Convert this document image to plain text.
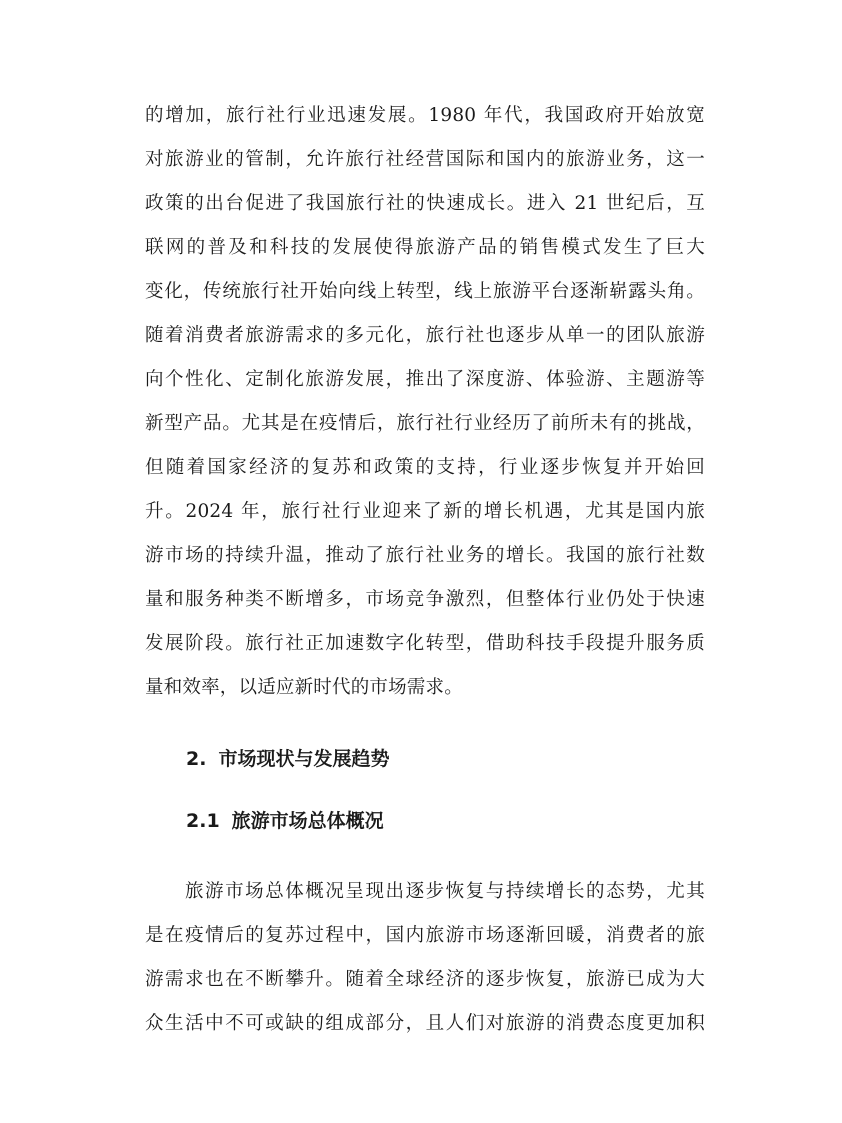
的增加，旅行社行业迅速发展。1980 年代，我国政府开始放宽
对旅游业的管制，允许旅行社经营国际和国内的旅游业务，这一
政策的出台促进了我国旅行社的快速成长。进入 21 世纪后，互
联网的普及和科技的发展使得旅游产品的销售模式发生了巨大
变化，传统旅行社开始向线上转型，线上旅游平台逐渐崭露头角。
随着消费者旅游需求的多元化，旅行社也逐步从单一的团队旅游
向个性化、定制化旅游发展，推出了深度游、体验游、主题游等
新型产品。尤其是在疫情后，旅行社行业经历了前所未有的挑战，
但随着国家经济的复苏和政策的支持，行业逐步恢复并开始回
升。2024 年，旅行社行业迎来了新的增长机遇，尤其是国内旅
游市场的持续升温，推动了旅行社业务的增长。我国的旅行社数
量和服务种类不断增多，市场竞争激烈，但整体行业仍处于快速
发展阶段。旅行社正加速数字化转型，借助科技手段提升服务质
量和效率，以适应新时代的市场需求。
2. 市场现状与发展趋势
2.1 旅游市场总体概况
旅游市场总体概况呈现出逐步恢复与持续增长的态势，尤其
是在疫情后的复苏过程中，国内旅游市场逐渐回暖，消费者的旅
游需求也在不断攀升。随着全球经济的逐步恢复，旅游已成为大
众生活中不可或缺的组成部分，且人们对旅游的消费态度更加积
